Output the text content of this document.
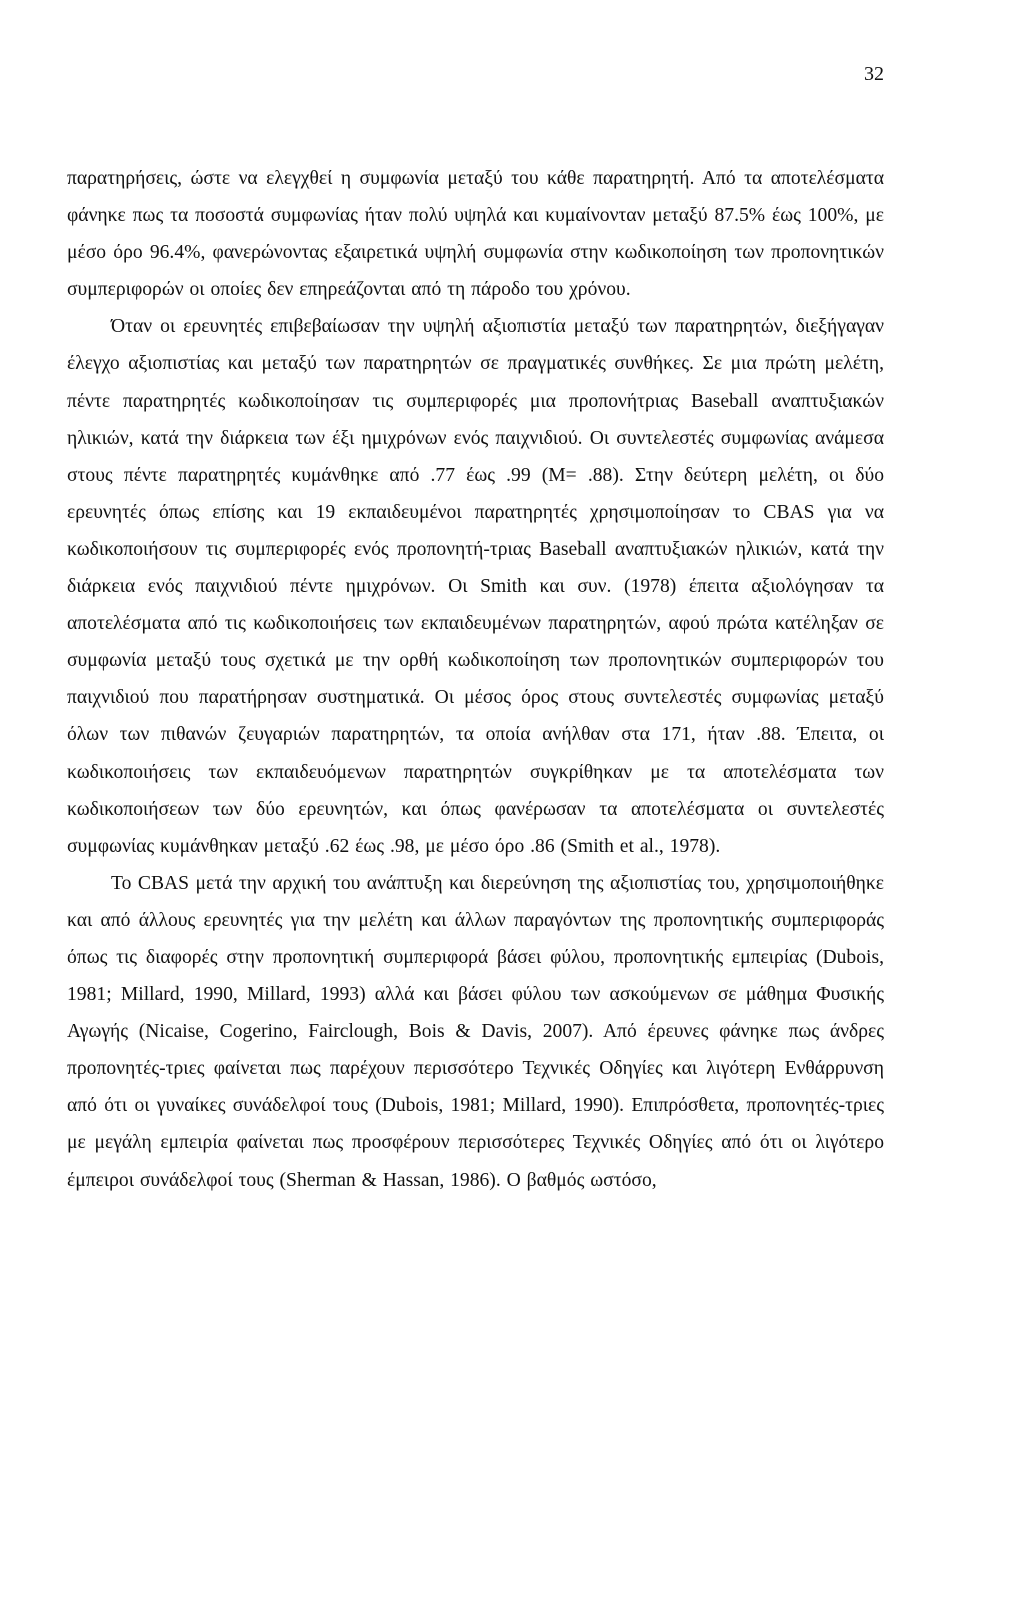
32

παρατηρήσεις, ώστε να ελεγχθεί η συμφωνία μεταξύ του κάθε παρατηρητή. Από τα αποτελέσματα φάνηκε πως τα ποσοστά συμφωνίας ήταν πολύ υψηλά και κυμαίνονταν μεταξύ 87.5% έως 100%, με μέσο όρο 96.4%, φανερώνοντας εξαιρετικά υψηλή συμφωνία στην κωδικοποίηση των προπονητικών συμπεριφορών οι οποίες δεν επηρεάζονται από τη πάροδο του χρόνου.

Όταν οι ερευνητές επιβεβαίωσαν την υψηλή αξιοπιστία μεταξύ των παρατηρητών, διεξήγαγαν έλεγχο αξιοπιστίας και μεταξύ των παρατηρητών σε πραγματικές συνθήκες. Σε μια πρώτη μελέτη, πέντε παρατηρητές κωδικοποίησαν τις συμπεριφορές μια προπονήτριας Baseball αναπτυξιακών ηλικιών, κατά την διάρκεια των έξι ημιχρόνων ενός παιχνιδιού. Οι συντελεστές συμφωνίας ανάμεσα στους πέντε παρατηρητές κυμάνθηκε από .77 έως .99 (M= .88). Στην δεύτερη μελέτη, οι δύο ερευνητές όπως επίσης και 19 εκπαιδευμένοι παρατηρητές χρησιμοποίησαν το CBAS για να κωδικοποιήσουν τις συμπεριφορές ενός προπονητή-τριας Baseball αναπτυξιακών ηλικιών, κατά την διάρκεια ενός παιχνιδιού πέντε ημιχρόνων. Οι Smith και συν. (1978) έπειτα αξιολόγησαν τα αποτελέσματα από τις κωδικοποιήσεις των εκπαιδευμένων παρατηρητών, αφού πρώτα κατέληξαν σε συμφωνία μεταξύ τους σχετικά με την ορθή κωδικοποίηση των προπονητικών συμπεριφορών του παιχνιδιού που παρατήρησαν συστηματικά. Οι μέσος όρος στους συντελεστές συμφωνίας μεταξύ όλων των πιθανών ζευγαριών παρατηρητών, τα οποία ανήλθαν στα 171, ήταν .88. Έπειτα, οι κωδικοποιήσεις των εκπαιδευόμενων παρατηρητών συγκρίθηκαν με τα αποτελέσματα των κωδικοποιήσεων των δύο ερευνητών, και όπως φανέρωσαν τα αποτελέσματα οι συντελεστές συμφωνίας κυμάνθηκαν μεταξύ .62 έως .98, με μέσο όρο .86 (Smith et al., 1978).

Το CBAS μετά την αρχική του ανάπτυξη και διερεύνηση της αξιοπιστίας του, χρησιμοποιήθηκε και από άλλους ερευνητές για την μελέτη και άλλων παραγόντων της προπονητικής συμπεριφοράς όπως τις διαφορές στην προπονητική συμπεριφορά βάσει φύλου, προπονητικής εμπειρίας (Dubois, 1981; Millard, 1990, Millard, 1993) αλλά και βάσει φύλου των ασκούμενων σε μάθημα Φυσικής Αγωγής (Nicaise, Cogerino, Fairclough, Bois & Davis, 2007). Από έρευνες φάνηκε πως άνδρες προπονητές-τριες φαίνεται πως παρέχουν περισσότερο Τεχνικές Οδηγίες και λιγότερη Ενθάρρυνση από ότι οι γυναίκες συνάδελφοί τους (Dubois, 1981; Millard, 1990). Επιπρόσθετα, προπονητές-τριες με μεγάλη εμπειρία φαίνεται πως προσφέρουν περισσότερες Τεχνικές Οδηγίες από ότι οι λιγότερο έμπειροι συνάδελφοί τους (Sherman & Hassan, 1986). Ο βαθμός ωστόσο,
